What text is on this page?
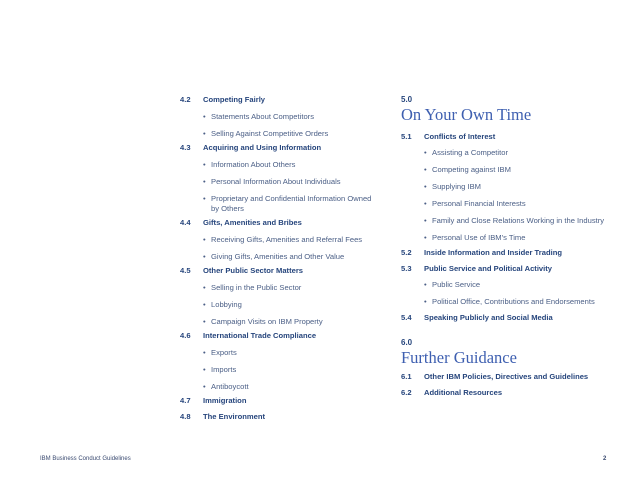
4.2	Competing Fairly
• Statements About Competitors
• Selling Against Competitive Orders
4.3	Acquiring and Using Information
• Information About Others
• Personal Information About Individuals
• Proprietary and Confidential Information Owned by Others
4.4	Gifts, Amenities and Bribes
• Receiving Gifts, Amenities and Referral Fees
• Giving Gifts, Amenities and Other Value
4.5	Other Public Sector Matters
• Selling in the Public Sector
• Lobbying
• Campaign Visits on IBM Property
4.6	International Trade Compliance
• Exports
• Imports
• Antiboycott
4.7	Immigration
4.8	The Environment
5.0
On Your Own Time
5.1	Conflicts of Interest
• Assisting a Competitor
• Competing against IBM
• Supplying IBM
• Personal Financial Interests
• Family and Close Relations Working in the Industry
• Personal Use of IBM's Time
5.2	Inside Information and Insider Trading
5.3	Public Service and Political Activity
• Public Service
• Political Office, Contributions and Endorsements
5.4	Speaking Publicly and Social Media
6.0
Further Guidance
6.1	Other IBM Policies, Directives and Guidelines
6.2	Additional Resources
IBM Business Conduct Guidelines	2
